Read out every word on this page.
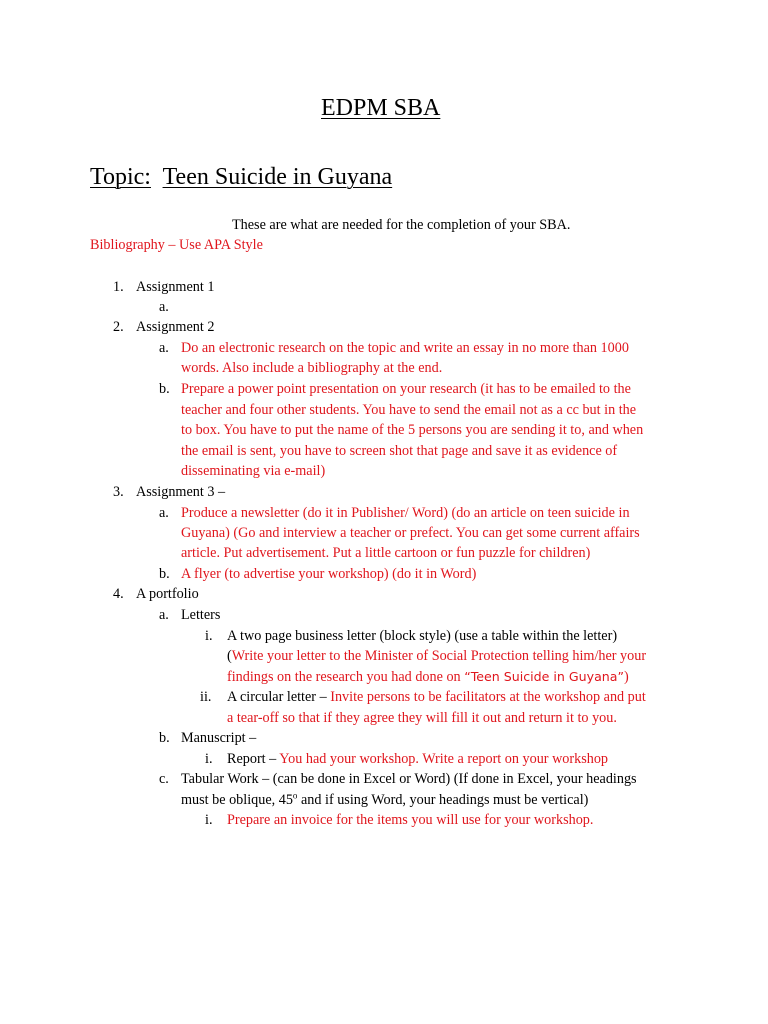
EDPM SBA
Topic: Teen Suicide in Guyana
These are what are needed for the completion of your SBA.
Bibliography – Use APA Style
1. Assignment 1
a.
2. Assignment 2
a. Do an electronic research on the topic and write an essay in no more than 1000
words. Also include a bibliography at the end.
b. Prepare a power point presentation on your research (it has to be emailed to the
teacher and four other students. You have to send the email not as a cc but in the
to box. You have to put the name of the 5 persons you are sending it to, and when
the email is sent, you have to screen shot that page and save it as evidence of
disseminating via e-mail)
3. Assignment 3 –
a. Produce a newsletter (do it in Publisher/ Word) (do an article on teen suicide in
Guyana) (Go and interview a teacher or prefect. You can get some current affairs
article. Put advertisement. Put a little cartoon or fun puzzle for children)
b. A flyer (to advertise your workshop) (do it in Word)
4. A portfolio
a. Letters
i. A two page business letter (block style) (use a table within the letter)
(Write your letter to the Minister of Social Protection telling him/her your
findings on the research you had done on “Teen Suicide in Guyana”)
ii. A circular letter – Invite persons to be facilitators at the workshop and put
a tear-off so that if they agree they will fill it out and return it to you.
b. Manuscript –
i. Report – You had your workshop. Write a report on your workshop
c. Tabular Work – (can be done in Excel or Word) (If done in Excel, your headings
must be oblique, 45$^o$ and if using Word, your headings must be vertical)
i. Prepare an invoice for the items you will use for your workshop.
